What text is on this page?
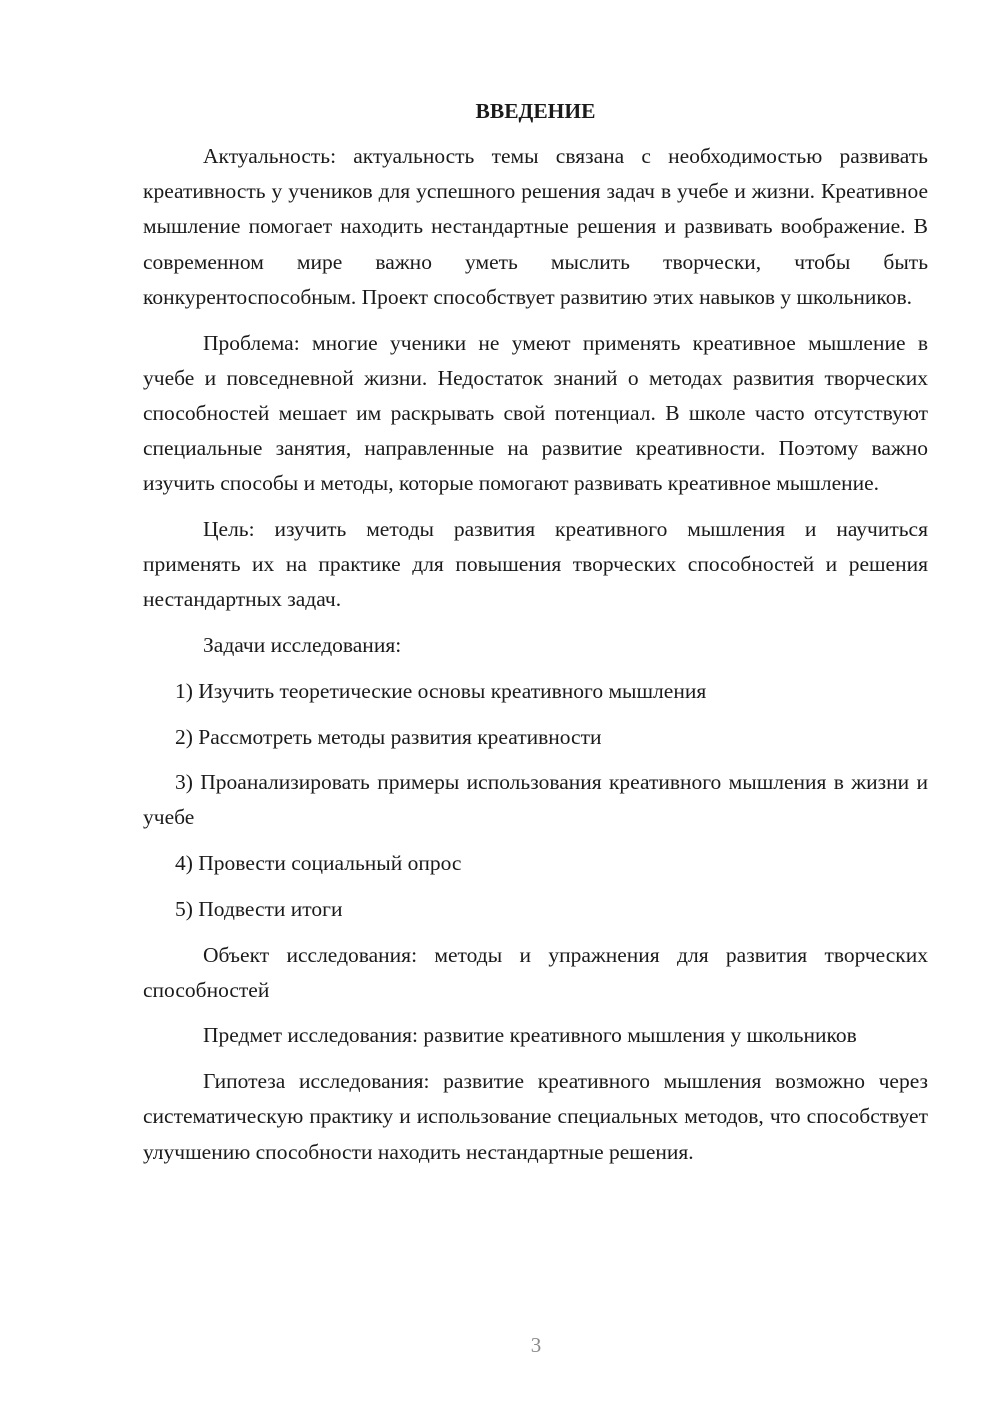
ВВЕДЕНИЕ

Актуальность: актуальность темы связана с необходимостью развивать креативность у учеников для успешного решения задач в учебе и жизни. Креативное мышление помогает находить нестандартные решения и развивать воображение. В современном мире важно уметь мыслить творчески, чтобы быть конкурентоспособным. Проект способствует развитию этих навыков у школьников.

Проблема: многие ученики не умеют применять креативное мышление в учебе и повседневной жизни. Недостаток знаний о методах развития творческих способностей мешает им раскрывать свой потенциал. В школе часто отсутствуют специальные занятия, направленные на развитие креативности. Поэтому важно изучить способы и методы, которые помогают развивать креативное мышление.

Цель: изучить методы развития креативного мышления и научиться применять их на практике для повышения творческих способностей и решения нестандартных задач.

Задачи исследования:

1) Изучить теоретические основы креативного мышления

2) Рассмотреть методы развития креативности

3) Проанализировать примеры использования креативного мышления в жизни и учебе

4) Провести социальный опрос

5) Подвести итоги

Объект исследования: методы и упражнения для развития творческих способностей

Предмет исследования: развитие креативного мышления у школьников

Гипотеза исследования: развитие креативного мышления возможно через систематическую практику и использование специальных методов, что способствует улучшению способности находить нестандартные решения.

3
